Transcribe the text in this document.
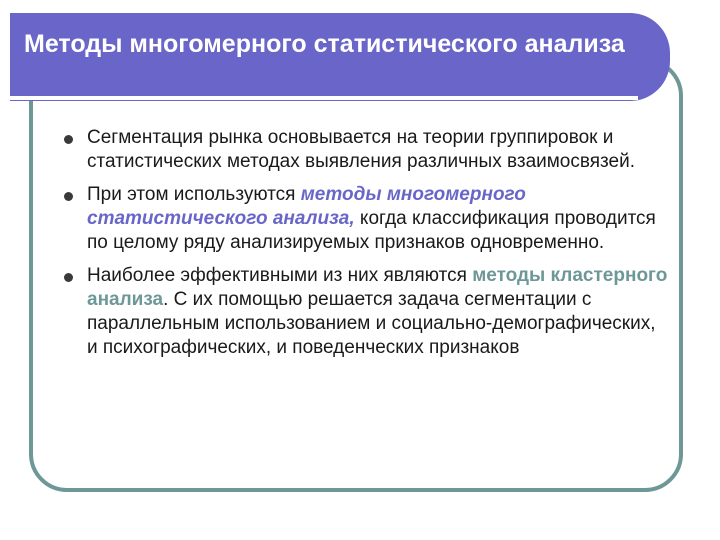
Методы многомерного статистического анализа
Сегментация рынка основывается на теории группировок и статистических методах выявления различных взаимосвязей.
При этом используются методы многомерного статистического анализа, когда классификация проводится по целому ряду анализируемых признаков одновременно.
Наиболее эффективными из них являются методы кластерного анализа. С их помощью решается задача сегментации с параллельным использованием и социально-демографических, и психографических, и поведенческих признаков
